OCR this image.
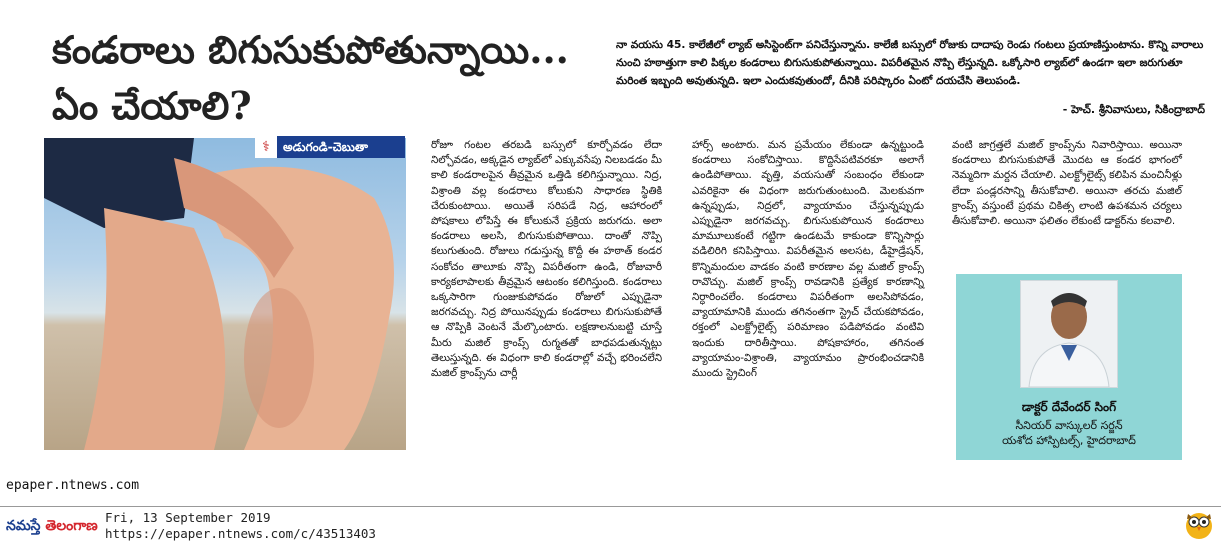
కండరాలు బిగుసుకుపోతున్నాయి...
ఏం చేయాలి?
నా వయసు 45. కాలేజీలో ల్యాబ్ అసిస్టెంట్‌గా పనిచేస్తున్నాను. కాలేజీ బస్సులో రోజుకు దాదాపు రెండు గంటలు ప్రయాణిస్తుంటాను. కొన్ని వారాలు నుంచి హఠాత్తుగా కాలి పిక్కల కండరాలు బిగుసుకుపోతున్నాయి. విపరీతమైన నొప్పి లేస్తున్నది. ఒక్కోసారి ల్యాబ్‌లో ఉండగా ఇలా జరుగుతూ మరింత ఇబ్బంది అవుతున్నది. ఇలా ఎందుకవుతుందో, దీనికి పరిష్కారం ఏంటో దయచేసి తెలుపండి.
- హెచ్. శ్రీనివాసులు, సికింద్రాబాద్
⚕ అడుగండి-చెబుతా	రోజూ గంటల తరబడి బస్సులో కూర్చోవడం లేదా నిల్చోవడం, అక్కడైన ల్యాబ్‌లో ఎక్కువసేపు నిలబడడం మీ కాలి కండరాలపైన తీవ్రమైన ఒత్తిడి కలిగిస్తున్నాయి. నిద్ర, విశ్రాంతి వల్ల కండరాలు కోలుకుని సాధారణ స్థితికి చేరుకుంటాయి. అయితే సరిపడే నిద్ర, ఆహారంలో పోషకాలు లోపిస్తే ఈ కోలుకునే ప్రక్రియ జరుగదు. అలా కండరాలు అలసి, బిగుసుకుపోతాయి. దాంతో నొప్పి కలుగుతుంది. రోజులు గడుస్తున్న కొద్దీ ఈ హఠాత్ కండర సంకోచం తాలూకు నొప్పి విపరీతంగా ఉండి, రోజువారీ కార్యకలాపాలకు తీవ్రమైన ఆటంకం కలిగిస్తుంది. కండరాలు ఒక్కసారిగా గుంజుకుపోవడం రోజులో ఎప్పుడైనా జరగవచ్చు. నిద్ర పోయినప్పుడు కండరాలు బిగుసుకుపోతే ఆ నొప్పికి వెంటనే మేల్కొంటారు. లక్షణాలనుబట్టి చూస్తే మీరు మజిల్ క్రాంప్స్ రుగ్మతతో బాధపడుతున్నట్లు తెలుస్తున్నది. ఈ విధంగా కాలి కండరాల్లో వచ్చే భరించలేని మజిల్ క్రాంప్స్‌ను చార్లీ
హార్స్ అంటారు. మన ప్రమేయం లేకుండా ఉన్నట్టుండి కండరాలు సంకోచిస్తాయి. కొద్దిసేపటివరకూ అలాగే ఉండిపోతాయి. వృత్తి, వయసుతో సంబంధం లేకుండా ఎవరికైనా ఈ విధంగా జరుగుతుంటుంది. మెలకువగా ఉన్నప్పుడు, నిద్రలో, వ్యాయామం చేస్తున్నప్పుడు ఎప్పుడైనా జరగవచ్చు. బిగుసుకుపోయిన కండరాలు మామూలుకంటే గట్టిగా ఉండటమే కాకుండా కొన్నిసార్లు వడిలిరిగి కనిపిస్తాయి. విపరీతమైన అలసట, డీహైడ్రేషన్, కొన్నిమందుల వాడకం వంటి కారణాల వల్ల మజిల్ క్రాంప్స్ రావొచ్చు. మజిల్ క్రాంప్స్ రావడానికి ప్రత్యేక కారణాన్ని నిర్ధారించలేం. కండరాలు విపరీతంగా అలసిపోవడం, వ్యాయామానికి ముందు తగినంతగా స్ట్రెచ్ చేయకపోవడం, రక్తంలో ఎలక్ట్రోలైట్స్ పరిమాణం పడిపోవడం వంటివి ఇందుకు దారితీస్తాయి. పోషకాహారం, తగినంత వ్యాయామం-విశ్రాంతి, వ్యాయామం ప్రారంభించడానికి ముందు స్ట్రెచింగ్
వంటి జాగ్రత్తలే మజిల్ క్రాంప్స్‌ను నివారిస్తాయి. అయినా కండరాలు బిగుసుకుపోతే మొదట ఆ కండర భాగంలో నెమ్మదిగా మర్దన చేయాలి. ఎలక్ట్రోలైట్స్ కలిపిన మంచినీళ్లు లేదా పండ్లరసాన్ని తీసుకోవాలి. అయినా తరచు మజిల్ క్రాంప్స్ వస్తుంటే ప్రథమ చికిత్స లాంటి ఉపశమన చర్యలు తీసుకోవాలి. అయినా ఫలితం లేకుంటే డాక్టర్‌ను కలవాలి.
డాక్టర్ దేవేందర్ సింగ్
సీనియర్ వాస్కులర్ సర్జన్
యశోద హాస్పిటల్స్, హైదరాబాద్
epaper.ntnews.com
నమస్తే తెలంగాణ
Fri, 13 September 2019
https://epaper.ntnews.com/c/43513403
